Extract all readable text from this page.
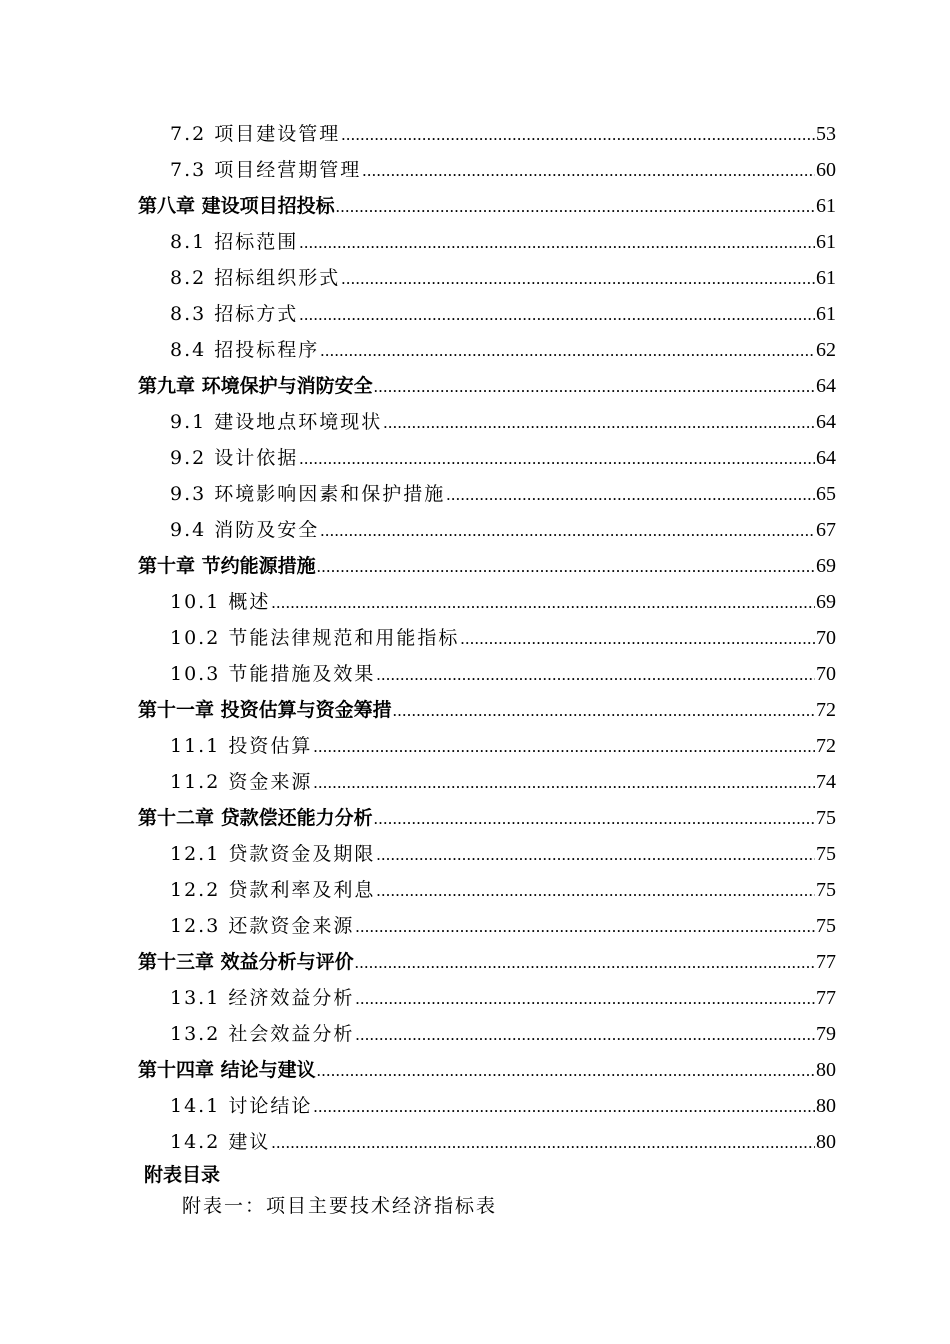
7.2 项目建设管理 .....	53
7.3 项目经营期管理 .....	60
第八章 建设项目招投标 .....	61
8.1 招标范围 .....	61
8.2 招标组织形式 .....	61
8.3 招标方式 .....	61
8.4 招投标程序 .....	62
第九章 环境保护与消防安全 .....	64
9.1 建设地点环境现状 .....	64
9.2 设计依据 .....	64
9.3 环境影响因素和保护措施 .....	65
9.4 消防及安全 .....	67
第十章 节约能源措施 .....	69
10.1 概述 .....	69
10.2 节能法律规范和用能指标 .....	70
10.3 节能措施及效果 .....	70
第十一章 投资估算与资金筹措 .....	72
11.1 投资估算 .....	72
11.2 资金来源 .....	74
第十二章 贷款偿还能力分析 .....	75
12.1 贷款资金及期限 .....	75
12.2 贷款利率及利息 .....	75
12.3 还款资金来源 .....	75
第十三章 效益分析与评价 .....	77
13.1 经济效益分析 .....	77
13.2 社会效益分析 .....	79
第十四章 结论与建议 .....	80
14.1 讨论结论 .....	80
14.2 建议 .....	80
附表目录
附表一：项目主要技术经济指标表
